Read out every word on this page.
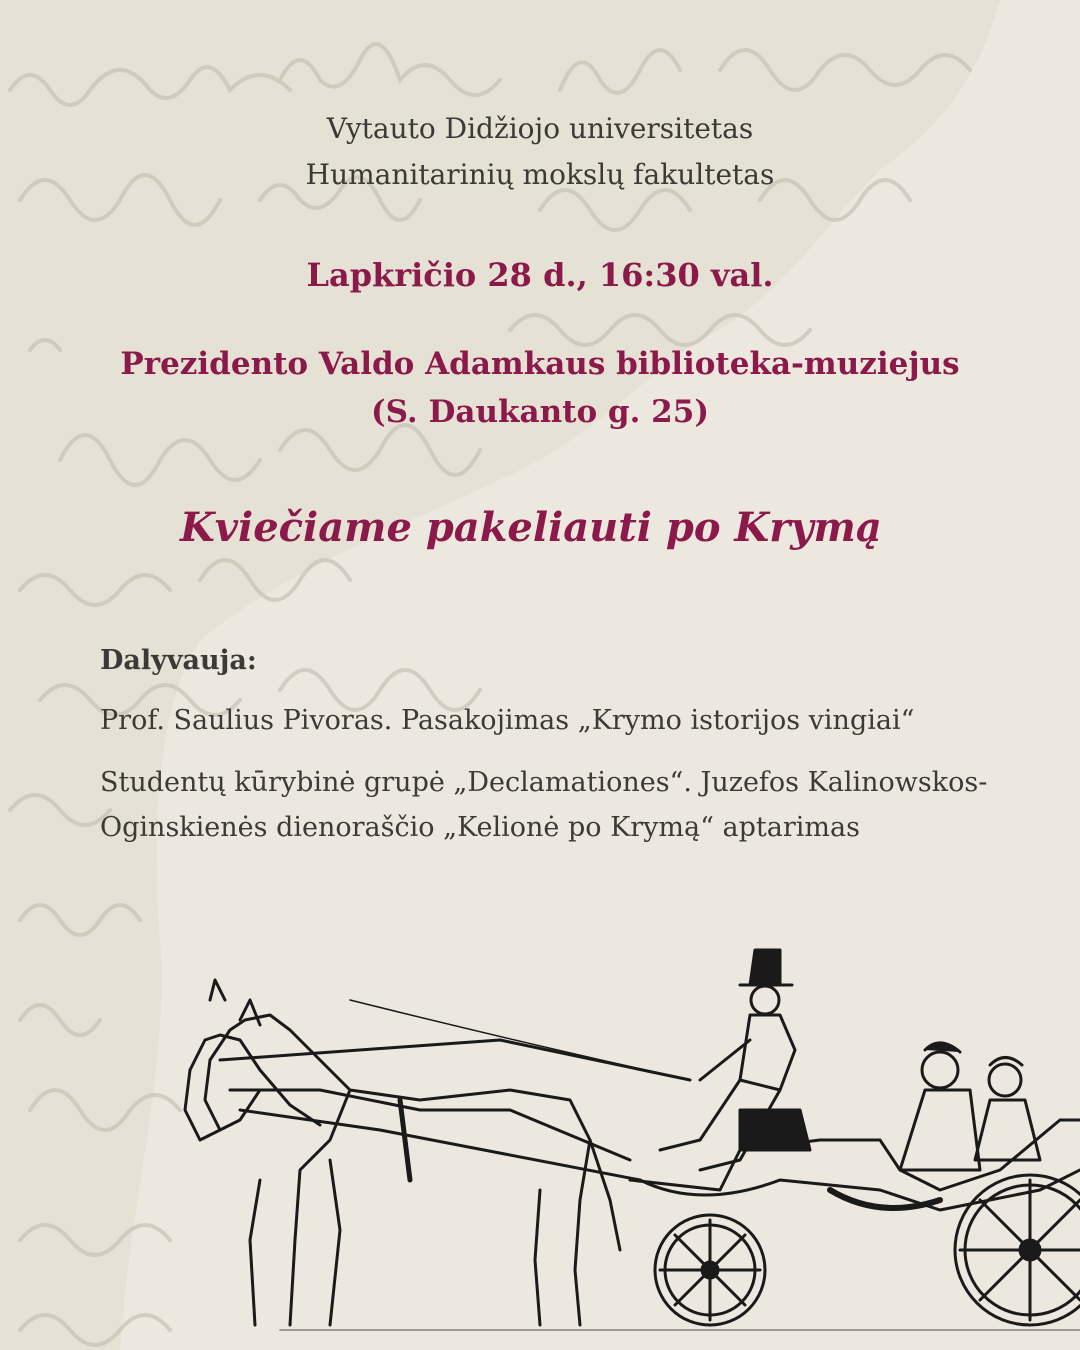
Vytauto Didžiojo universitetas
Humanitarinių mokslų fakultetas
Lapkričio 28 d., 16:30 val.
Prezidento Valdo Adamkaus biblioteka-muziejus
(S. Daukanto g. 25)
Kviečiame pakeliauti po Krymą
Dalyvauja:
Prof. Saulius Pivoras. Pasakojimas „Krymo istorijos vingiai“
Studentų kūrybinė grupė „Declamationes“. Juzefos Kalinowskos-Oginskienės dienoraščio „Kelionė po Krymą“ aptarimas
